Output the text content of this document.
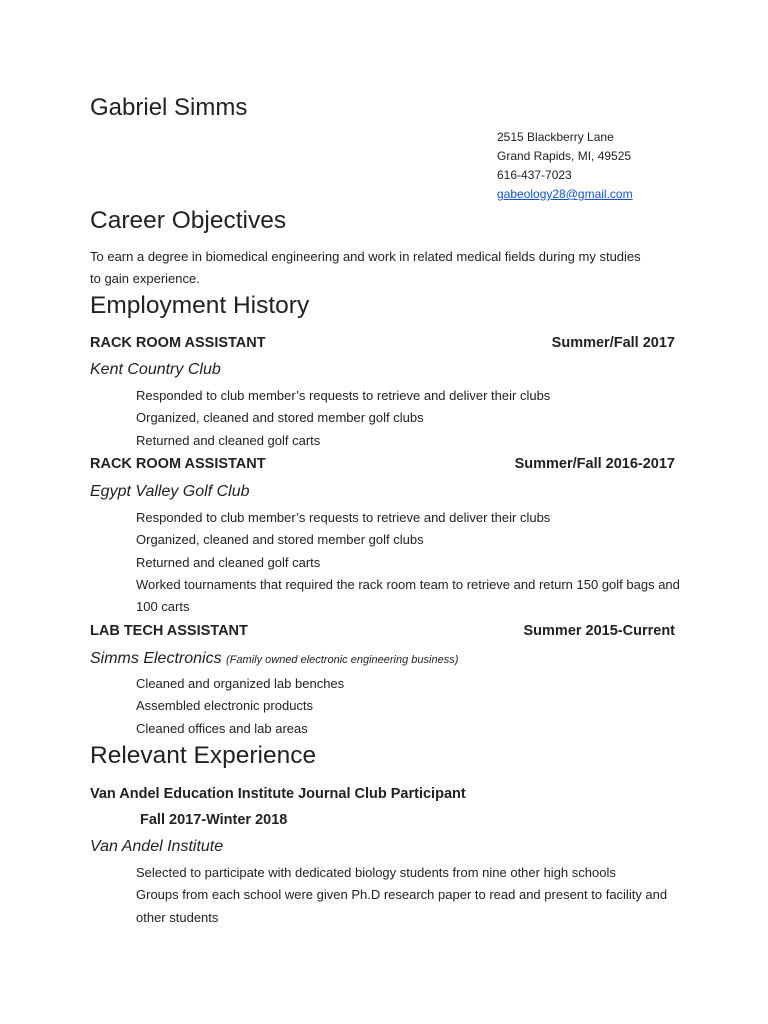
Gabriel Simms
2515 Blackberry Lane
Grand Rapids, MI, 49525
616-437-7023
gabeology28@gmail.com
Career Objectives
To earn a degree in biomedical engineering and work in related medical fields during my studies to gain experience.
Employment History
RACK ROOM ASSISTANT	Summer/Fall 2017
Kent Country Club
Responded to club member’s requests to retrieve and deliver their clubs
Organized, cleaned and stored member golf clubs
Returned and cleaned golf carts
RACK ROOM ASSISTANT	Summer/Fall 2016-2017
Egypt Valley Golf Club
Responded to club member’s requests to retrieve and deliver their clubs
Organized, cleaned and stored member golf clubs
Returned and cleaned golf carts
Worked tournaments that required the rack room team to retrieve and return 150 golf bags and 100 carts
LAB TECH ASSISTANT	Summer 2015-Current
Simms Electronics (Family owned electronic engineering business)
Cleaned and organized lab benches
Assembled electronic products
Cleaned offices and lab areas
Relevant Experience
Van Andel Education Institute Journal Club Participant
Fall 2017-Winter 2018
Van Andel Institute
Selected to participate with dedicated biology students from nine other high schools
Groups from each school were given Ph.D research paper to read and present to facility and other students
